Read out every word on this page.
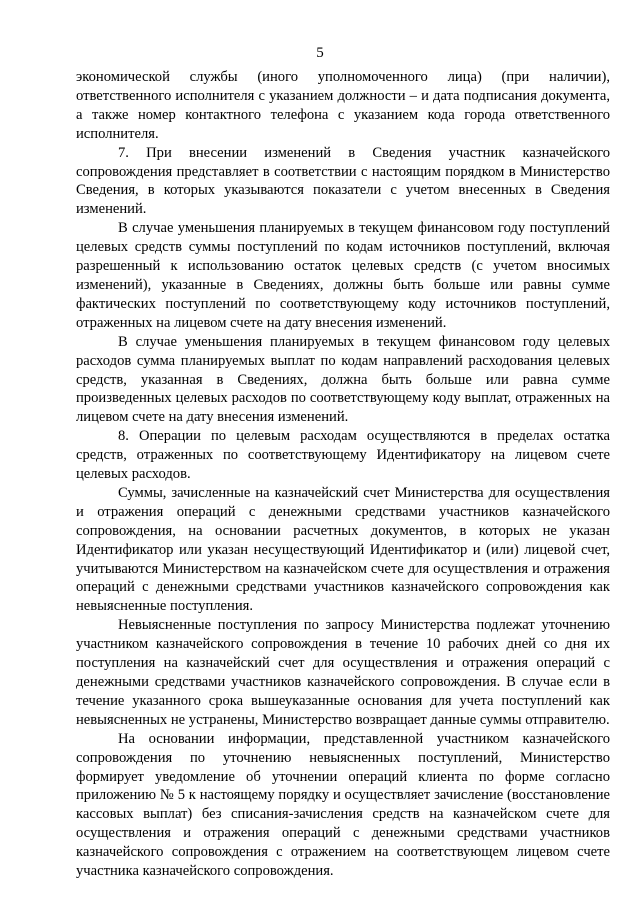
5

экономической службы (иного уполномоченного лица) (при наличии), ответственного исполнителя с указанием должности – и дата подписания документа, а также номер контактного телефона с указанием кода города ответственного исполнителя.

7. При внесении изменений в Сведения участник казначейского сопровождения представляет в соответствии с настоящим порядком в Министерство Сведения, в которых указываются показатели с учетом внесенных в Сведения изменений.

В случае уменьшения планируемых в текущем финансовом году поступлений целевых средств суммы поступлений по кодам источников поступлений, включая разрешенный к использованию остаток целевых средств (с учетом вносимых изменений), указанные в Сведениях, должны быть больше или равны сумме фактических поступлений по соответствующему коду источников поступлений, отраженных на лицевом счете на дату внесения изменений.

В случае уменьшения планируемых в текущем финансовом году целевых расходов сумма планируемых выплат по кодам направлений расходования целевых средств, указанная в Сведениях, должна быть больше или равна сумме произведенных целевых расходов по соответствующему коду выплат, отраженных на лицевом счете на дату внесения изменений.

8. Операции по целевым расходам осуществляются в пределах остатка средств, отраженных по соответствующему Идентификатору на лицевом счете целевых расходов.

Суммы, зачисленные на казначейский счет Министерства для осуществления и отражения операций с денежными средствами участников казначейского сопровождения, на основании расчетных документов, в которых не указан Идентификатор или указан несуществующий Идентификатор и (или) лицевой счет, учитываются Министерством на казначейском счете для осуществления и отражения операций с денежными средствами участников казначейского сопровождения как невыясненные поступления.

Невыясненные поступления по запросу Министерства подлежат уточнению участником казначейского сопровождения в течение 10 рабочих дней со дня их поступления на казначейский счет для осуществления и отражения операций с денежными средствами участников казначейского сопровождения. В случае если в течение указанного срока вышеуказанные основания для учета поступлений как невыясненных не устранены, Министерство возвращает данные суммы отправителю.

На основании информации, представленной участником казначейского сопровождения по уточнению невыясненных поступлений, Министерство формирует уведомление об уточнении операций клиента по форме согласно приложению № 5 к настоящему порядку и осуществляет зачисление (восстановление кассовых выплат) без списания-зачисления средств на казначейском счете для осуществления и отражения операций с денежными средствами участников казначейского сопровождения с отражением на соответствующем лицевом счете участника казначейского сопровождения.
